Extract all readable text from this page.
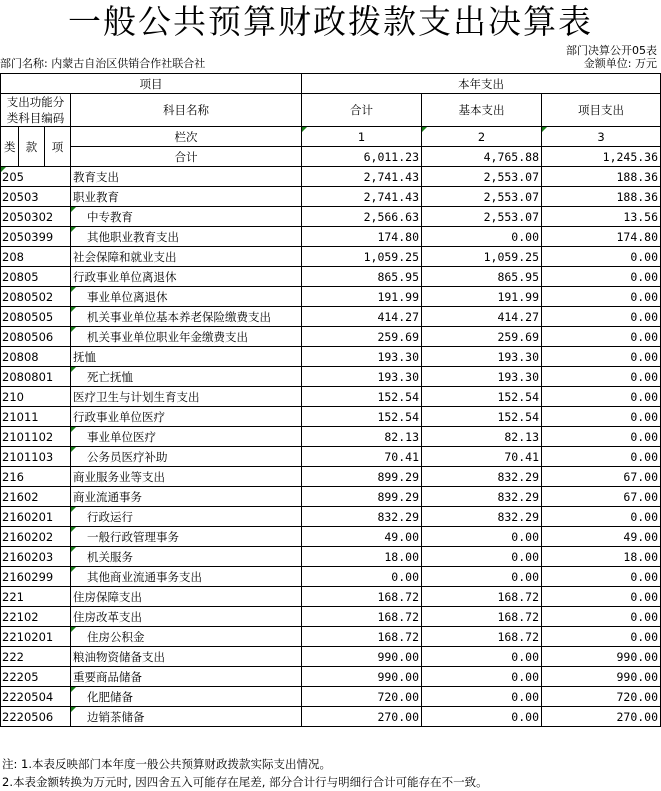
一般公共预算财政拨款支出决算表
部门决算公开05表
部门名称: 内蒙古自治区供销合作社联合社	金额单位: 万元
项目				本年支出		
支出功能分类科目编码			科目名称	合计	基本支出	项目支出
类	款	项				
			栏次	1	2	3
			合计	6,011.23	4,765.88	1,245.36
205			教育支出	2,741.43	2,553.07	188.36
20503			职业教育	2,741.43	2,553.07	188.36
2050302			中专教育	2,566.63	2,553.07	13.56
2050399			其他职业教育支出	174.80	0.00	174.80
208			社会保障和就业支出	1,059.25	1,059.25	0.00
20805			行政事业单位离退休	865.95	865.95	0.00
2080502			事业单位离退休	191.99	191.99	0.00
2080505			机关事业单位基本养老保险缴费支出	414.27	414.27	0.00
2080506			机关事业单位职业年金缴费支出	259.69	259.69	0.00
20808			抚恤	193.30	193.30	0.00
2080801			死亡抚恤	193.30	193.30	0.00
210			医疗卫生与计划生育支出	152.54	152.54	0.00
21011			行政事业单位医疗	152.54	152.54	0.00
2101102			事业单位医疗	82.13	82.13	0.00
2101103			公务员医疗补助	70.41	70.41	0.00
216			商业服务业等支出	899.29	832.29	67.00
21602			商业流通事务	899.29	832.29	67.00
2160201			行政运行	832.29	832.29	0.00
2160202			一般行政管理事务	49.00	0.00	49.00
2160203			机关服务	18.00	0.00	18.00
2160299			其他商业流通事务支出	0.00	0.00	0.00
221			住房保障支出	168.72	168.72	0.00
22102			住房改革支出	168.72	168.72	0.00
2210201			住房公积金	168.72	168.72	0.00
222			粮油物资储备支出	990.00	0.00	990.00
22205			重要商品储备	990.00	0.00	990.00
2220504			化肥储备	720.00	0.00	720.00
2220506			边销茶储备	270.00	0.00	270.00
注: 1.本表反映部门本年度一般公共预算财政拨款实际支出情况。
2.本表金额转换为万元时, 因四舍五入可能存在尾差, 部分合计行与明细行合计可能存在不一致。
